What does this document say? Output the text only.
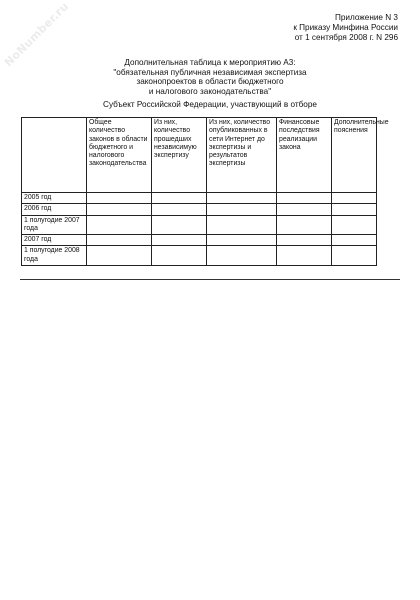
NoNumber.ru	Приложение N 3
к Приказу Минфина России
от 1 сентября 2008 г. N 296
Дополнительная таблица к мероприятию А3:
"обязательная публичная независимая экспертиза
законопроектов в области бюджетного
и налогового законодательства"
Субъект Российской Федерации, участвующий в отборе
	Общее количество законов в области бюджетного и налогового законодательства	Из них, количество прошедших независимую экспертизу	Из них, количество опубликованных в сети Интернет до экспертизы и результатов экспертизы	Финансовые последствия реализации закона	Дополнительные пояснения
2005 год					
2006 год					
1 полугодие 2007 года					
2007 год					
1 полугодие 2008 года					
